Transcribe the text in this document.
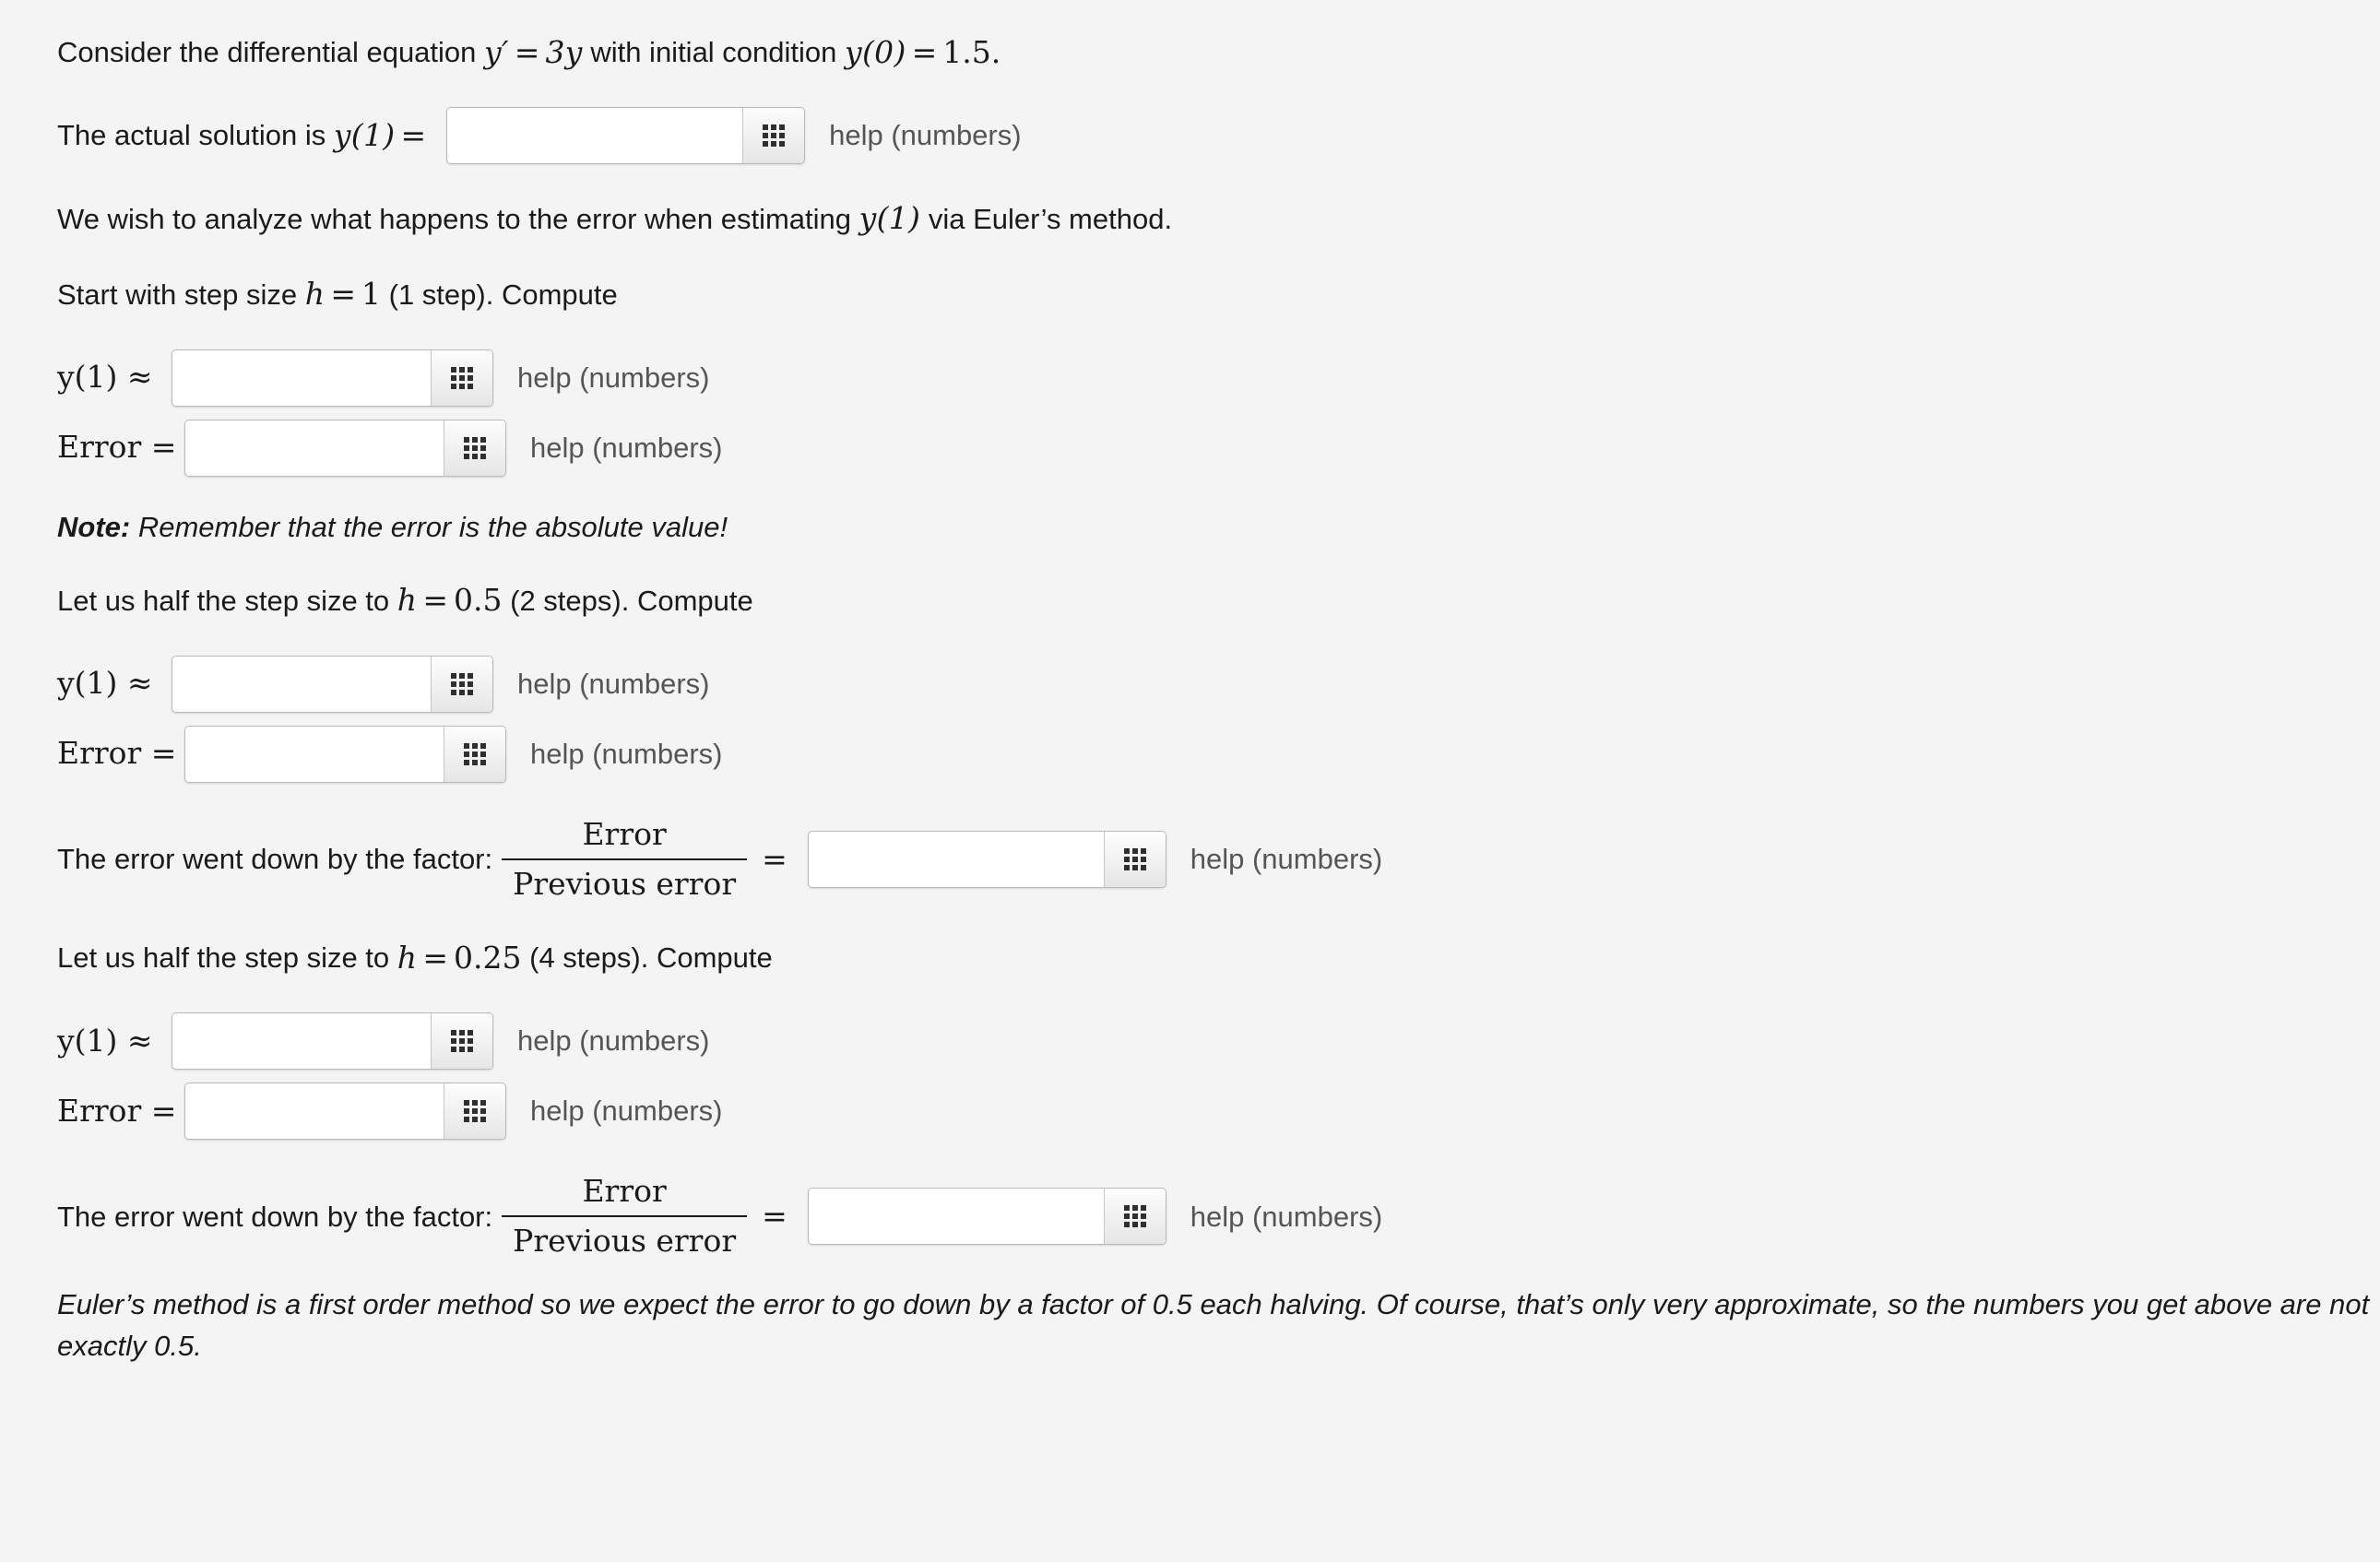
Consider the differential equation
y′ = 3y
with initial condition
y(0) = 1.5 .
The actual solution is
y(1) =	help (numbers)
We wish to analyze what happens to the error when estimating
y(1)
via Euler’s method.
Start with step size
h = 1
(1 step). Compute
y(1) ≈	help (numbers)
Error =	help (numbers)
Note:
Remember that the error is the absolute value!
Let us half the step size to
h = 0.5
(2 steps). Compute
y(1) ≈	help (numbers)
Error =	help (numbers)
The error went down by the factor: $\frac{\text{Error}}{\text{Previous error}}$ =	help (numbers)
Let us half the step size to
h = 0.25
(4 steps). Compute
y(1) ≈	help (numbers)
Error =	help (numbers)
The error went down by the factor: $\frac{\text{Error}}{\text{Previous error}}$ =	help (numbers)
Euler’s method is a first order method so we expect the error to go down by a factor of 0.5 each halving. Of course, that’s only very approximate, so the numbers you get above are not exactly 0.5.
